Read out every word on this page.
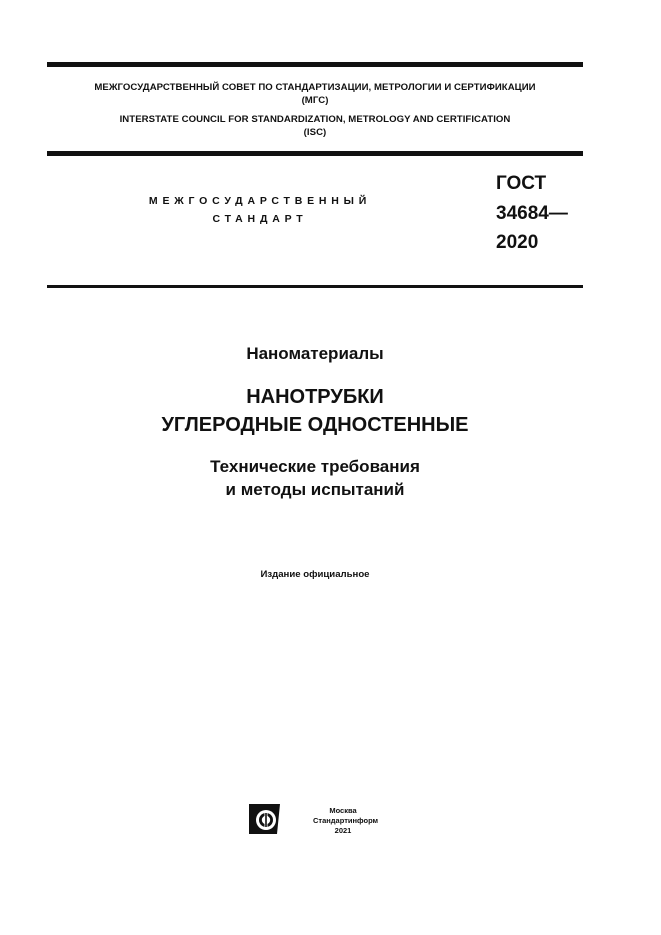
МЕЖГОСУДАРСТВЕННЫЙ СОВЕТ ПО СТАНДАРТИЗАЦИИ, МЕТРОЛОГИИ И СЕРТИФИКАЦИИ
(МГС)
INTERSTATE COUNCIL FOR STANDARDIZATION, METROLOGY AND CERTIFICATION
(ISC)
МЕЖГОСУДАРСТВЕННЫЙ
СТАНДАРТ
ГОСТ
34684—
2020
Наноматериалы
НАНОТРУБКИ
УГЛЕРОДНЫЕ ОДНОСТЕННЫЕ
Технические требования
и методы испытаний
Издание официальное
Москва
Стандартинформ
2021
